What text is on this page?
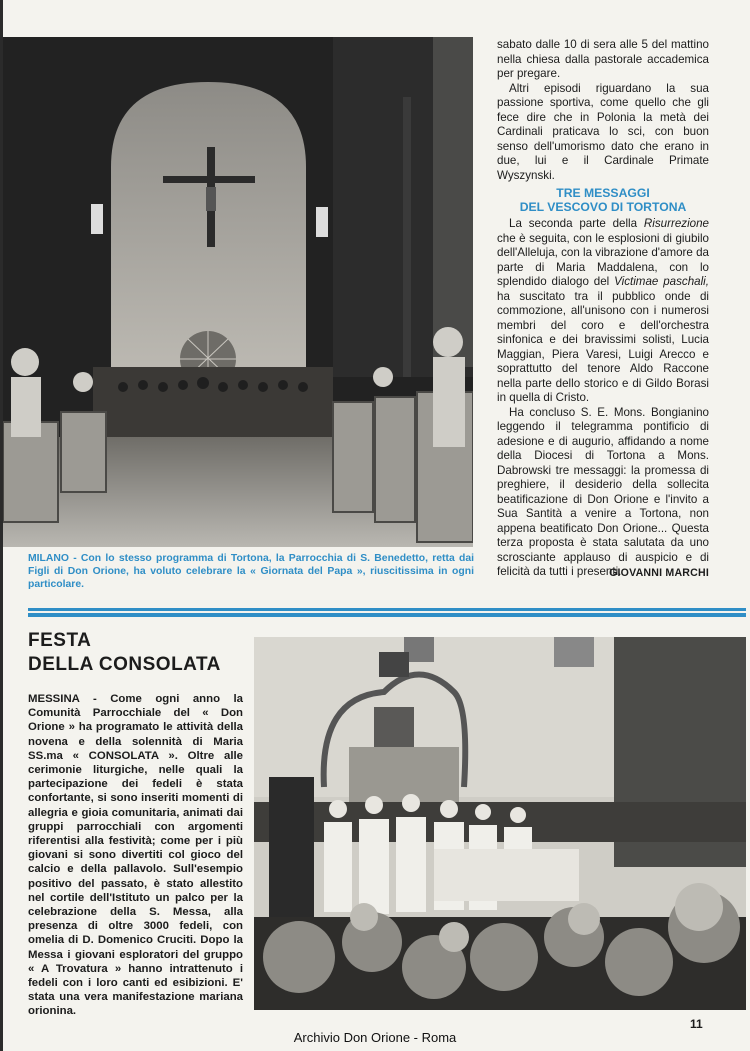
MILANO - Con lo stesso programma di Tortona, la Parrocchia di S. Benedetto, retta dai Figli di Don Orione, ha voluto celebrare la « Giornata del Papa », riuscitissima in ogni particolare.

sabato dalle 10 di sera alle 5 del mattino nella chiesa dalla pastorale accademica per pregare.

Altri episodi riguardano la sua passione sportiva, come quello che gli fece dire che in Polonia la metà dei Cardinali praticava lo sci, con buon senso dell'umorismo dato che erano in due, lui e il Cardinale Primate Wyszynski.

TRE MESSAGGI
DEL VESCOVO DI TORTONA

La seconda parte della Risurrezione che è seguita, con le esplosioni di giubilo dell'Alleluja, con la vibrazione d'amore da parte di Maria Maddalena, con lo splendido dialogo del Victimae paschali, ha suscitato tra il pubblico onde di commozione, all'unisono con i numerosi membri del coro e dell'orchestra sinfonica e dei bravissimi solisti, Lucia Maggian, Piera Varesi, Luigi Arecco e soprattutto del tenore Aldo Raccone nella parte dello storico e di Gildo Borasi in quella di Cristo.

Ha concluso S. E. Mons. Bongianino leggendo il telegramma pontificio di adesione e di augurio, affidando a nome della Diocesi di Tortona a Mons. Dabrowski tre messaggi: la promessa di preghiere, il desiderio della sollecita beatificazione di Don Orione e l'invito a Sua Santità a venire a Tortona, non appena beatificato Don Orione... Questa terza proposta è stata salutata da uno scrosciante applauso di auspicio e di felicità da tutti i presenti.

GIOVANNI MARCHI
FESTA
DELLA CONSOLATA
MESSINA - Come ogni anno la Comunità Parrocchiale del « Don Orione » ha programato le attività della novena e della solennità di Maria SS.ma « CONSOLATA ». Oltre alle cerimonie liturgiche, nelle quali la partecipazione dei fedeli è stata confortante, si sono inseriti momenti di allegria e gioia comunitaria, animati dai gruppi parrocchiali con argomenti riferentisi alla festività; come per i più giovani si sono divertiti col gioco del calcio e della pallavolo. Sull'esempio positivo del passato, è stato allestito nel cortile dell'Istituto un palco per la celebrazione della S. Messa, alla presenza di oltre 3000 fedeli, con omelia di D. Domenico Cruciti. Dopo la Messa i giovani esploratori del gruppo « A Trovatura » hanno intrattenuto i fedeli con i loro canti ed esibizioni. E' stata una vera manifestazione mariana orionina.
11
Archivio Don Orione - Roma
